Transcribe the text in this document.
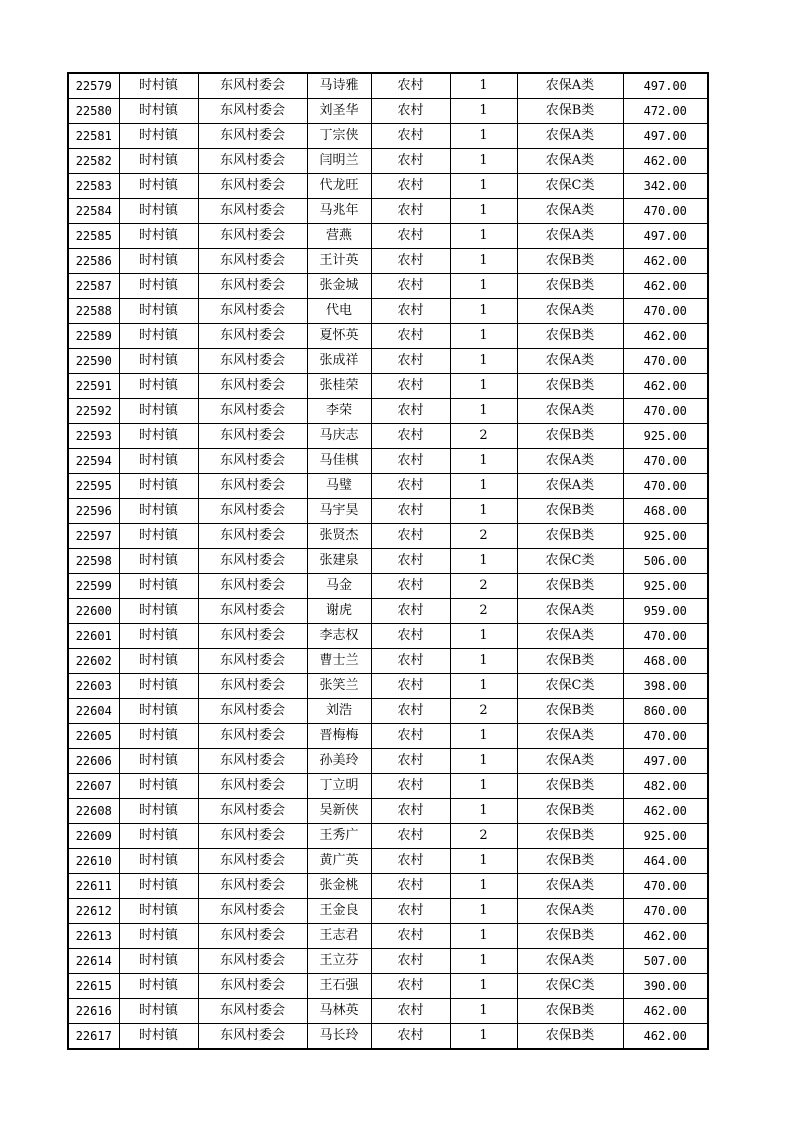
22579	时村镇	东风村委会	马诗雅	农村	1	农保A类	497.00
22580	时村镇	东风村委会	刘圣华	农村	1	农保B类	472.00
22581	时村镇	东风村委会	丁宗侠	农村	1	农保A类	497.00
22582	时村镇	东风村委会	闫明兰	农村	1	农保A类	462.00
22583	时村镇	东风村委会	代龙旺	农村	1	农保C类	342.00
22584	时村镇	东风村委会	马兆年	农村	1	农保A类	470.00
22585	时村镇	东风村委会	营燕	农村	1	农保A类	497.00
22586	时村镇	东风村委会	王计英	农村	1	农保B类	462.00
22587	时村镇	东风村委会	张金城	农村	1	农保B类	462.00
22588	时村镇	东风村委会	代电	农村	1	农保A类	470.00
22589	时村镇	东风村委会	夏怀英	农村	1	农保B类	462.00
22590	时村镇	东风村委会	张成祥	农村	1	农保A类	470.00
22591	时村镇	东风村委会	张桂荣	农村	1	农保B类	462.00
22592	时村镇	东风村委会	李荣	农村	1	农保A类	470.00
22593	时村镇	东风村委会	马庆志	农村	2	农保B类	925.00
22594	时村镇	东风村委会	马佳棋	农村	1	农保A类	470.00
22595	时村镇	东风村委会	马璧	农村	1	农保A类	470.00
22596	时村镇	东风村委会	马宇昊	农村	1	农保B类	468.00
22597	时村镇	东风村委会	张贤杰	农村	2	农保B类	925.00
22598	时村镇	东风村委会	张建泉	农村	1	农保C类	506.00
22599	时村镇	东风村委会	马金	农村	2	农保B类	925.00
22600	时村镇	东风村委会	谢虎	农村	2	农保A类	959.00
22601	时村镇	东风村委会	李志权	农村	1	农保A类	470.00
22602	时村镇	东风村委会	曹士兰	农村	1	农保B类	468.00
22603	时村镇	东风村委会	张笑兰	农村	1	农保C类	398.00
22604	时村镇	东风村委会	刘浩	农村	2	农保B类	860.00
22605	时村镇	东风村委会	晋梅梅	农村	1	农保A类	470.00
22606	时村镇	东风村委会	孙美玲	农村	1	农保A类	497.00
22607	时村镇	东风村委会	丁立明	农村	1	农保B类	482.00
22608	时村镇	东风村委会	吴新侠	农村	1	农保B类	462.00
22609	时村镇	东风村委会	王秀广	农村	2	农保B类	925.00
22610	时村镇	东风村委会	黄广英	农村	1	农保B类	464.00
22611	时村镇	东风村委会	张金桃	农村	1	农保A类	470.00
22612	时村镇	东风村委会	王金良	农村	1	农保A类	470.00
22613	时村镇	东风村委会	王志君	农村	1	农保B类	462.00
22614	时村镇	东风村委会	王立芬	农村	1	农保A类	507.00
22615	时村镇	东风村委会	王石强	农村	1	农保C类	390.00
22616	时村镇	东风村委会	马林英	农村	1	农保B类	462.00
22617	时村镇	东风村委会	马长玲	农村	1	农保B类	462.00
